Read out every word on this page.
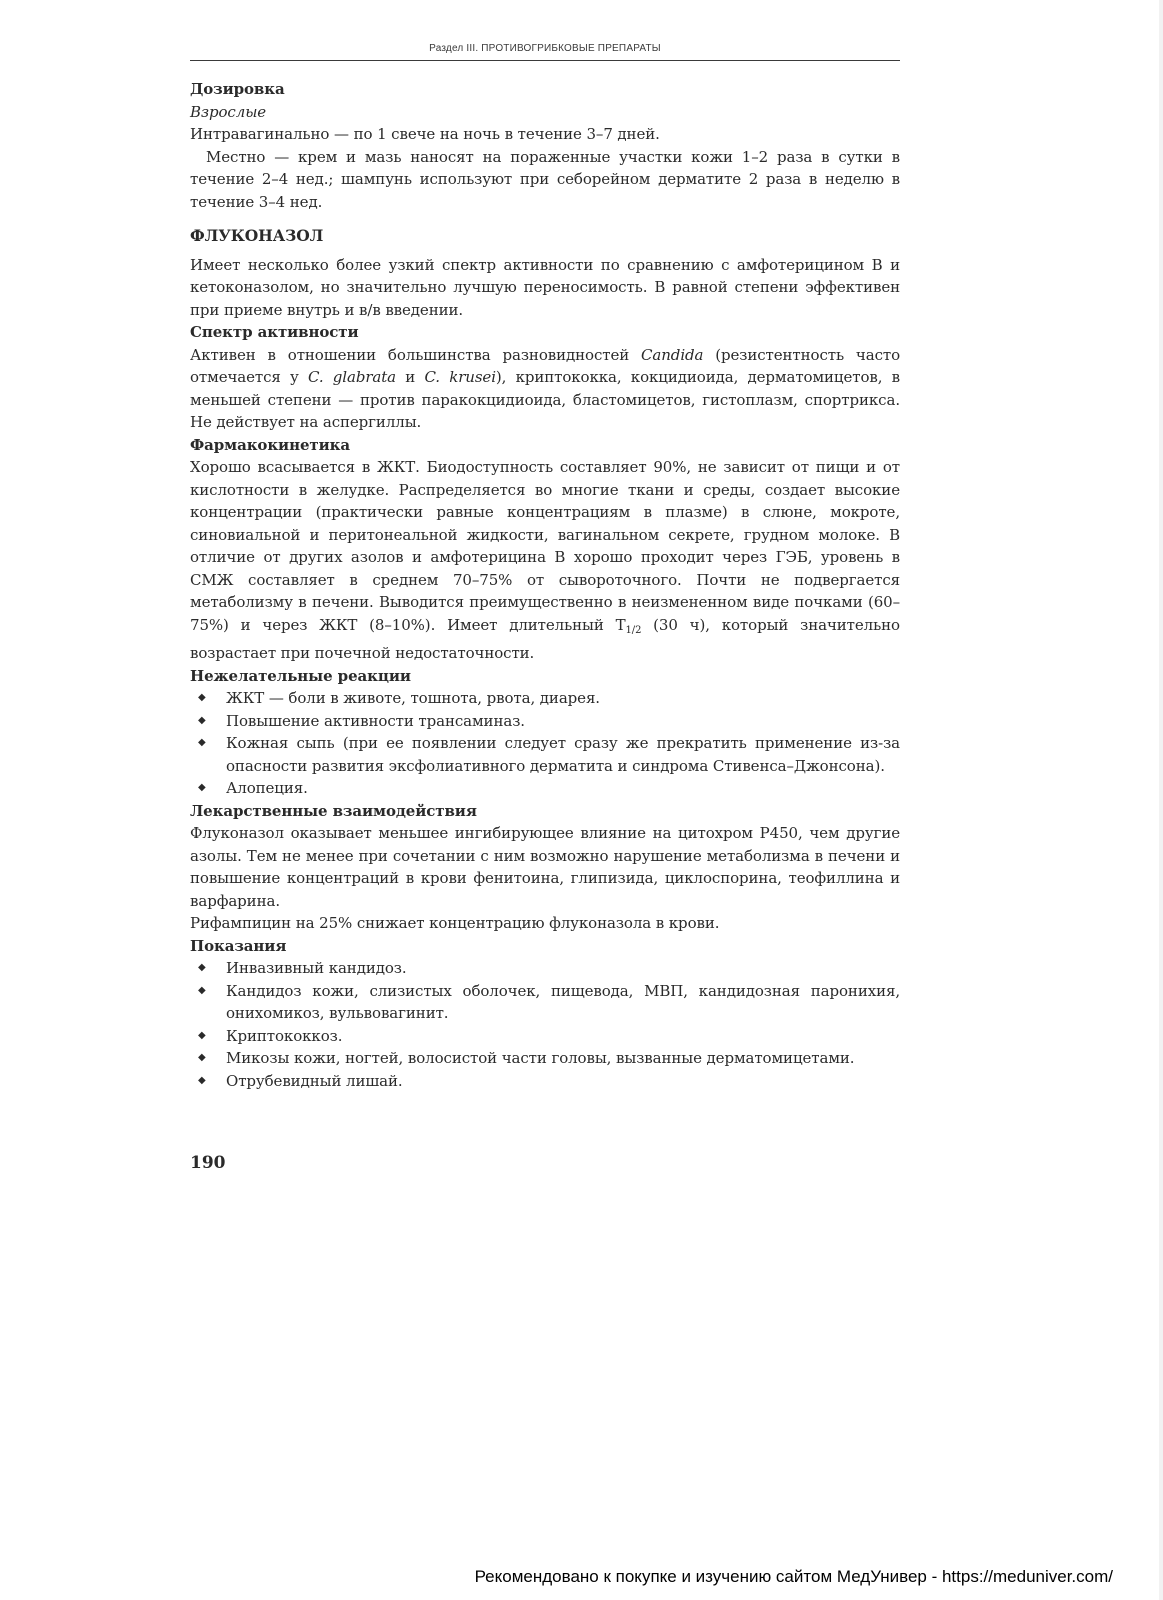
Раздел III. ПРОТИВОГРИБКОВЫЕ ПРЕПАРАТЫ

Дозировка

Взрослые

Интравагинально — по 1 свече на ночь в течение 3–7 дней.

Местно — крем и мазь наносят на пораженные участки кожи 1–2 раза в сутки в течение 2–4 нед.; шампунь используют при себорейном дерматите 2 раза в неделю в течение 3–4 нед.

ФЛУКОНАЗОЛ

Имеет несколько более узкий спектр активности по сравнению с амфотерицином В и кетоконазолом, но значительно лучшую переносимость. В равной степени эффективен при приеме внутрь и в/в введении.

Спектр активности

Активен в отношении большинства разновидностей Candida (резистентность часто отмечается у C. glabrata и C. krusei), криптококка, кокцидиоида, дерматомицетов, в меньшей степени — против паракокцидиоида, бластомицетов, гистоплазм, спортрикса. Не действует на аспергиллы.

Фармакокинетика

Хорошо всасывается в ЖКТ. Биодоступность составляет 90%, не зависит от пищи и от кислотности в желудке. Распределяется во многие ткани и среды, создает высокие концентрации (практически равные концентрациям в плазме) в слюне, мокроте, синовиальной и перитонеальной жидкости, вагинальном секрете, грудном молоке. В отличие от других азолов и амфотерицина В хорошо проходит через ГЭБ, уровень в СМЖ составляет в среднем 70–75% от сывороточного. Почти не подвергается метаболизму в печени. Выводится преимущественно в неизмененном виде почками (60–75%) и через ЖКТ (8–10%). Имеет длительный $T_{1/2}$ (30 ч), который значительно возрастает при почечной недостаточности.

Нежелательные реакции

◆ ЖКТ — боли в животе, тошнота, рвота, диарея.
◆ Повышение активности трансаминаз.
◆ Кожная сыпь (при ее появлении следует сразу же прекратить применение из-за опасности развития эксфолиативного дерматита и синдрома Стивенса–Джонсона).
◆ Алопеция.

Лекарственные взаимодействия

Флуконазол оказывает меньшее ингибирующее влияние на цитохром Р450, чем другие азолы. Тем не менее при сочетании с ним возможно нарушение метаболизма в печени и повышение концентраций в крови фенитоина, глипизида, циклоспорина, теофиллина и варфарина.

Рифампицин на 25% снижает концентрацию флуконазола в крови.

Показания

◆ Инвазивный кандидоз.
◆ Кандидоз кожи, слизистых оболочек, пищевода, МВП, кандидозная паронихия, онихомикоз, вульвовагинит.
◆ Криптококкоз.
◆ Микозы кожи, ногтей, волосистой части головы, вызванные дерматомицетами.
◆ Отрубевидный лишай.
190
Рекомендовано к покупке и изучению сайтом МедУнивер - https://meduniver.com/
